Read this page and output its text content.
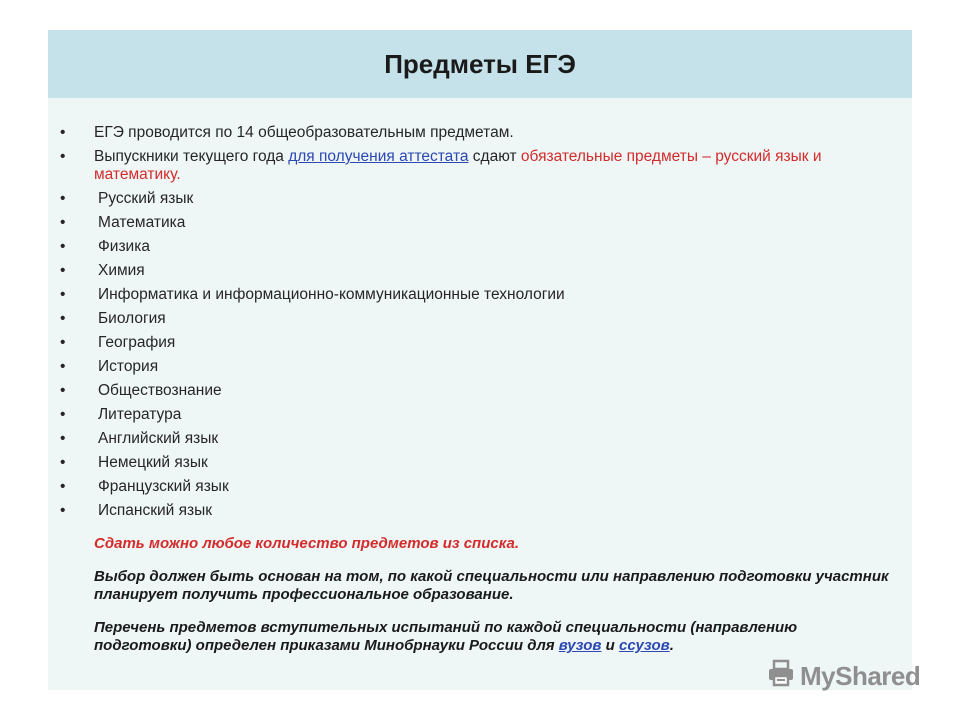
Предметы ЕГЭ
• ЕГЭ проводится по 14 общеобразовательным предметам.
• Выпускники текущего года для получения аттестата сдают обязательные предметы – русский язык и математику.
• Русский язык
• Математика
• Физика
• Химия
• Информатика и информационно-коммуникационные технологии
• Биология
• География
• История
• Обществознание
• Литература
• Английский язык
• Немецкий язык
• Французский язык
• Испанский язык

Сдать можно любое количество предметов из списка.

Выбор должен быть основан на том, по какой специальности или направлению подготовки участник планирует получить профессиональное образование.

Перечень предметов вступительных испытаний по каждой специальности (направлению подготовки) определен приказами Минобрнауки России для вузов и ссузов.

MyShared
